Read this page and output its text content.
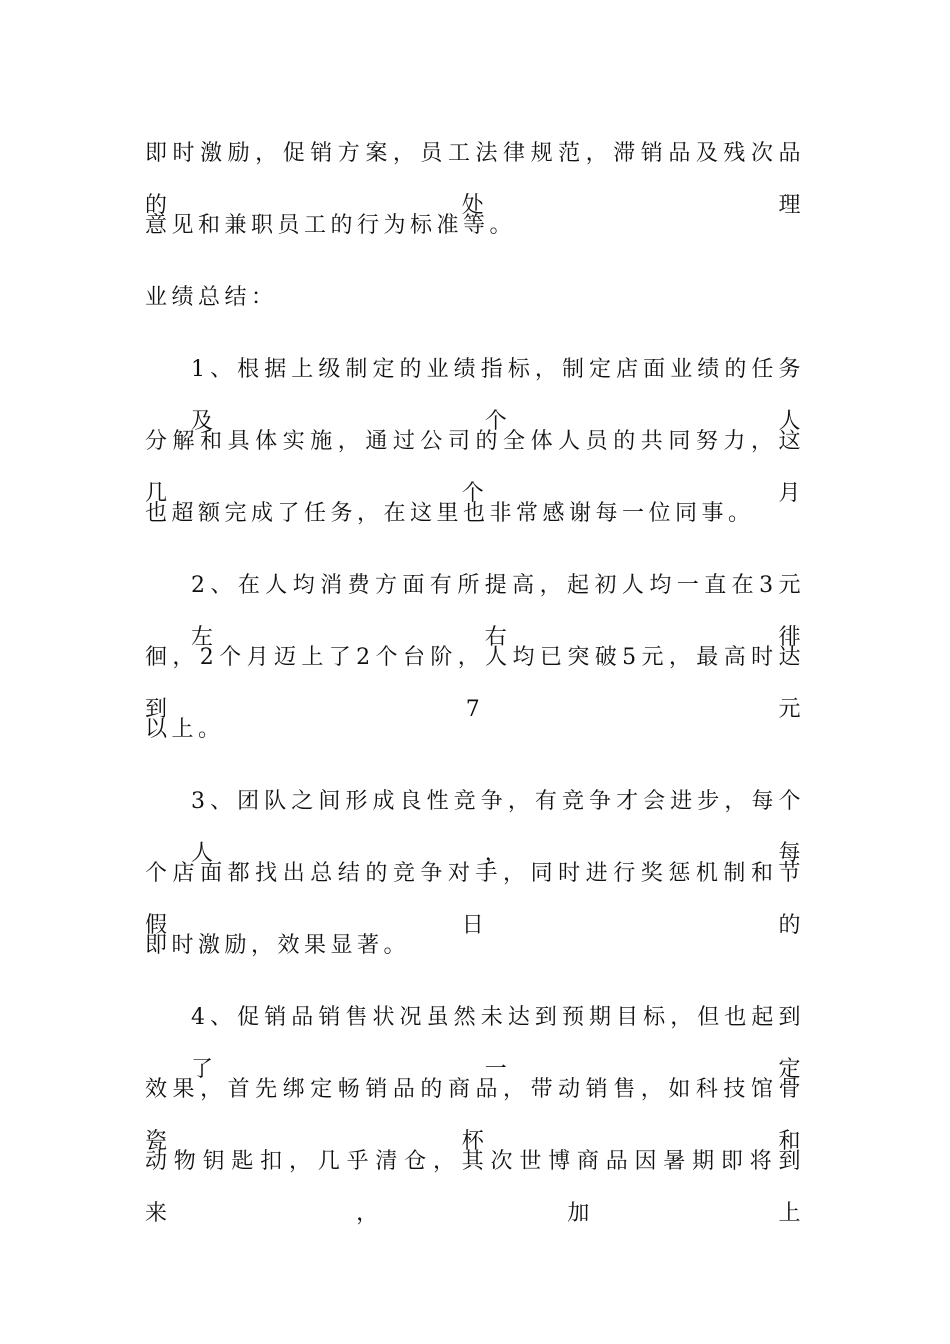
即时激励，促销方案，员工法律规范，滞销品及残次品的处理
意见和兼职员工的行为标准等。
业绩总结：
1、根据上级制定的业绩指标，制定店面业绩的任务及个人
分解和具体实施，通过公司的全体人员的共同努力，这几个月
也超额完成了任务，在这里也非常感谢每一位同事。
2、在人均消费方面有所提高，起初人均一直在3元左右徘
徊，2个月迈上了2个台阶，人均已突破5元，最高时达到7元
以上。
3、团队之间形成良性竞争，有竞争才会进步，每个人，每
个店面都找出总结的竞争对手，同时进行奖惩机制和节假日的
即时激励，效果显著。
4、促销品销售状况虽然未达到预期目标，但也起到了一定
效果，首先绑定畅销品的商品，带动销售，如科技馆骨瓷杯和
动物钥匙扣，几乎清仓，其次世博商品因暑期即将到来，加上
